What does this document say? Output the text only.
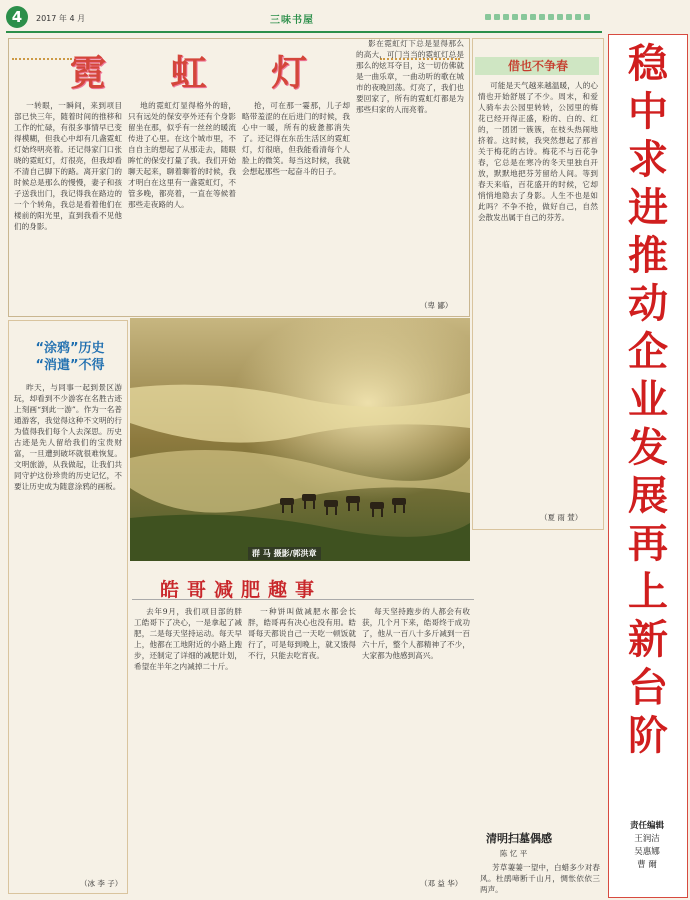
4	2017 年 4 月	三味书屋
霓 虹 灯

一转眼，一瞬间，来到项目部已快三年，随着时间的推移和工作的忙碌，有很多事情早已变得模糊，但我心中却有几盏霓虹灯始终明亮着。还记得家门口张晓的霓虹灯，灯很亮，但我却看不清自己脚下的路。离开家门的时候总是那么的慢慢，妻子和孩子送我出门，我记得我在路边的一个个转角，我总是看着他们在楼前的阳光里，直到我看不见他们的身影。

地的霓虹灯显得格外的暗，只有远处的保安亭外还有个身影留坐在那，似乎有一丝丝的暖流传进了心里。在这个城市里，不自自主的想起了从那走去，随眼眸忙的保安打量了我。我们开始聊天起来，聊着聊着的时候，我才明白在这里有一盏霓虹灯，不管多晚，都亮着，一直在等候着那些走夜路的人。

抢，可在那一霎那，儿子却略带羞涩的在后进门的时候，我心中一暖，所有的疲惫都消失了。还记得在东岳生活区的霓虹灯，灯很暗，但我能看清每个人脸上的微笑。每当这时候，我就会想起那些一起奋斗的日子。

影在霓虹灯下总是显得那么的高大，可门当当的霓虹灯总是那么的炫耳夺目，这一切仿佛就是一曲乐章，一曲动听的歌在城市的夜晚回荡。灯亮了，我们也要回家了，所有的霓虹灯都是为那些归家的人而亮着。

（卑 鄙）
借也不争春

可能是天气越来越温暖，人的心情也开始舒展了不少。周末，和爱人骑车去公园里转转，公园里的梅花已经开得正盛，粉的、白的、红的，一团团一簇簇，在枝头热闹地挤着。这时候，我突然想起了那首关于梅花的古诗。梅花不与百花争春，它总是在寒冷的冬天里独自开放，默默地把芬芳留给人间。等到春天来临，百花盛开的时候，它却悄悄地隐去了身影。人生不也是如此吗？不争不抢，做好自己，自然会散发出属于自己的芬芳。

（夏 雨 萱）
“涂鸦”历史
“消遣”不得

昨天，与同事一起到景区游玩，却看到不少游客在名胜古迹上刻画“到此一游”。作为一名普通游客，我觉得这种不文明的行为值得我们每个人去深思。历史古迹是先人留给我们的宝贵财富，一旦遭到破坏就很难恢复。文明旅游，从我做起，让我们共同守护这份珍贵的历史记忆，不要让历史成为随意涂鸦的画板。

（冰 李 子）
群 马 摄影/郭洪章
皓哥减肥趣事

去年9月，我们项目部的胖工皓哥下了决心，一是拿起了减肥，二是每天坚持运动。每天早上，他都在工地附近的小路上跑步，还制定了详细的减肥计划，希望在半年之内减掉二十斤。

一种饼叫做减肥水都会长胖，皓哥再有决心也没有用。皓哥每天都说自己一天吃一顿饭就行了，可是每到晚上，就又饿得不行，只能去吃宵夜。

每天坚持跑步的人都会有收获，几个月下来，皓哥终于成功了，他从一百八十多斤减到一百六十斤，整个人都精神了不少，大家都为他感到高兴。

（邓 益 华）
清明扫墓偶感
陈 忆 平

芳草萋萋一望中，白蜡多少对春风。杜鹃啼断千山月，惆怅依依三两声。

稳中求进 推动企业发展再上新台阶
责任编辑
王润洁
吴惠娜
曹 爾
